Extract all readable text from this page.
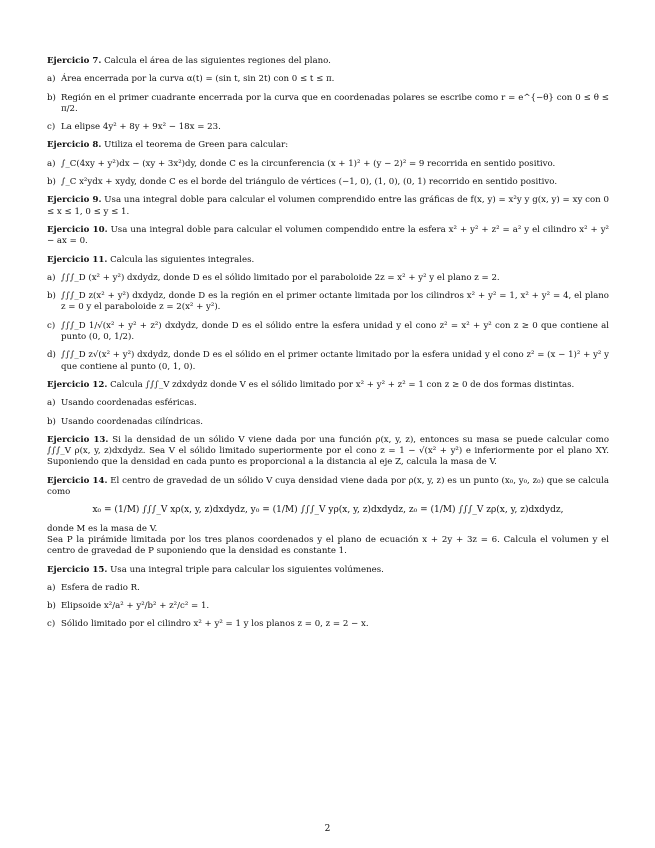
Ejercicio 7. Calcula el área de las siguientes regiones del plano.

a) Área encerrada por la curva α(t) = (sin t, sin 2t) con 0 ≤ t ≤ π.
b) Región en el primer cuadrante encerrada por la curva que en coordenadas polares se escribe como r = e^{−θ} con 0 ≤ θ ≤ π/2.
c) La elipse 4y² + 8y + 9x² − 18x = 23.

Ejercicio 8. Utiliza el teorema de Green para calcular:

a) ∫_C(4xy + y²)dx − (xy + 3x²)dy, donde C es la circunferencia (x + 1)² + (y − 2)² = 9 recorrida en sentido positivo.
b) ∫_C x²ydx + xydy, donde C es el borde del triángulo de vértices (−1, 0), (1, 0), (0, 1) recorrido en sentido positivo.

Ejercicio 9. Usa una integral doble para calcular el volumen comprendido entre las gráficas de f(x, y) = x²y y g(x, y) = xy con 0 ≤ x ≤ 1, 0 ≤ y ≤ 1.

Ejercicio 10. Usa una integral doble para calcular el volumen compendido entre la esfera x² + y² + z² = a² y el cilindro x² + y² − ax = 0.

Ejercicio 11. Calcula las siguientes integrales.

a) ∫∫∫_D (x² + y²) dxdydz, donde D es el sólido limitado por el paraboloide 2z = x² + y² y el plano z = 2.
b) ∫∫∫_D z(x² + y²) dxdydz, donde D es la región en el primer octante limitada por los cilindros x² + y² = 1, x² + y² = 4, el plano z = 0 y el paraboloide z = 2(x² + y²).
c) ∫∫∫_D 1/√(x² + y² + z²) dxdydz, donde D es el sólido entre la esfera unidad y el cono z² = x² + y² con z ≥ 0 que contiene al punto (0, 0, 1/2).
d) ∫∫∫_D z√(x² + y²) dxdydz, donde D es el sólido en el primer octante limitado por la esfera unidad y el cono z² = (x − 1)² + y² y que contiene al punto (0, 1, 0).

Ejercicio 12. Calcula ∫∫∫_V zdxdydz donde V es el sólido limitado por x² + y² + z² = 1 con z ≥ 0 de dos formas distintas.

a) Usando coordenadas esféricas.
b) Usando coordenadas cilíndricas.

Ejercicio 13. Si la densidad de un sólido V viene dada por una función ρ(x, y, z), entonces su masa se puede calcular como ∫∫∫_V ρ(x, y, z)dxdydz. Sea V el sólido limitado superiormente por el cono z = 1 − √(x² + y²) e inferiormente por el plano XY. Suponiendo que la densidad en cada punto es proporcional a la distancia al eje Z, calcula la masa de V.

Ejercicio 14. El centro de gravedad de un sólido V cuya densidad viene dada por ρ(x, y, z) es un punto (x₀, y₀, z₀) que se calcula como

x₀ = (1/M) ∫∫∫_V xρ(x, y, z)dxdydz, y₀ = (1/M) ∫∫∫_V yρ(x, y, z)dxdydz, z₀ = (1/M) ∫∫∫_V zρ(x, y, z)dxdydz,

donde M es la masa de V.

Sea P la pirámide limitada por los tres planos coordenados y el plano de ecuación x + 2y + 3z = 6. Calcula el volumen y el centro de gravedad de P suponiendo que la densidad es constante 1.

Ejercicio 15. Usa una integral triple para calcular los siguientes volúmenes.

a) Esfera de radio R.
b) Elipsoide x²/a² + y²/b² + z²/c² = 1.
c) Sólido limitado por el cilindro x² + y² = 1 y los planos z = 0, z = 2 − x.
2
